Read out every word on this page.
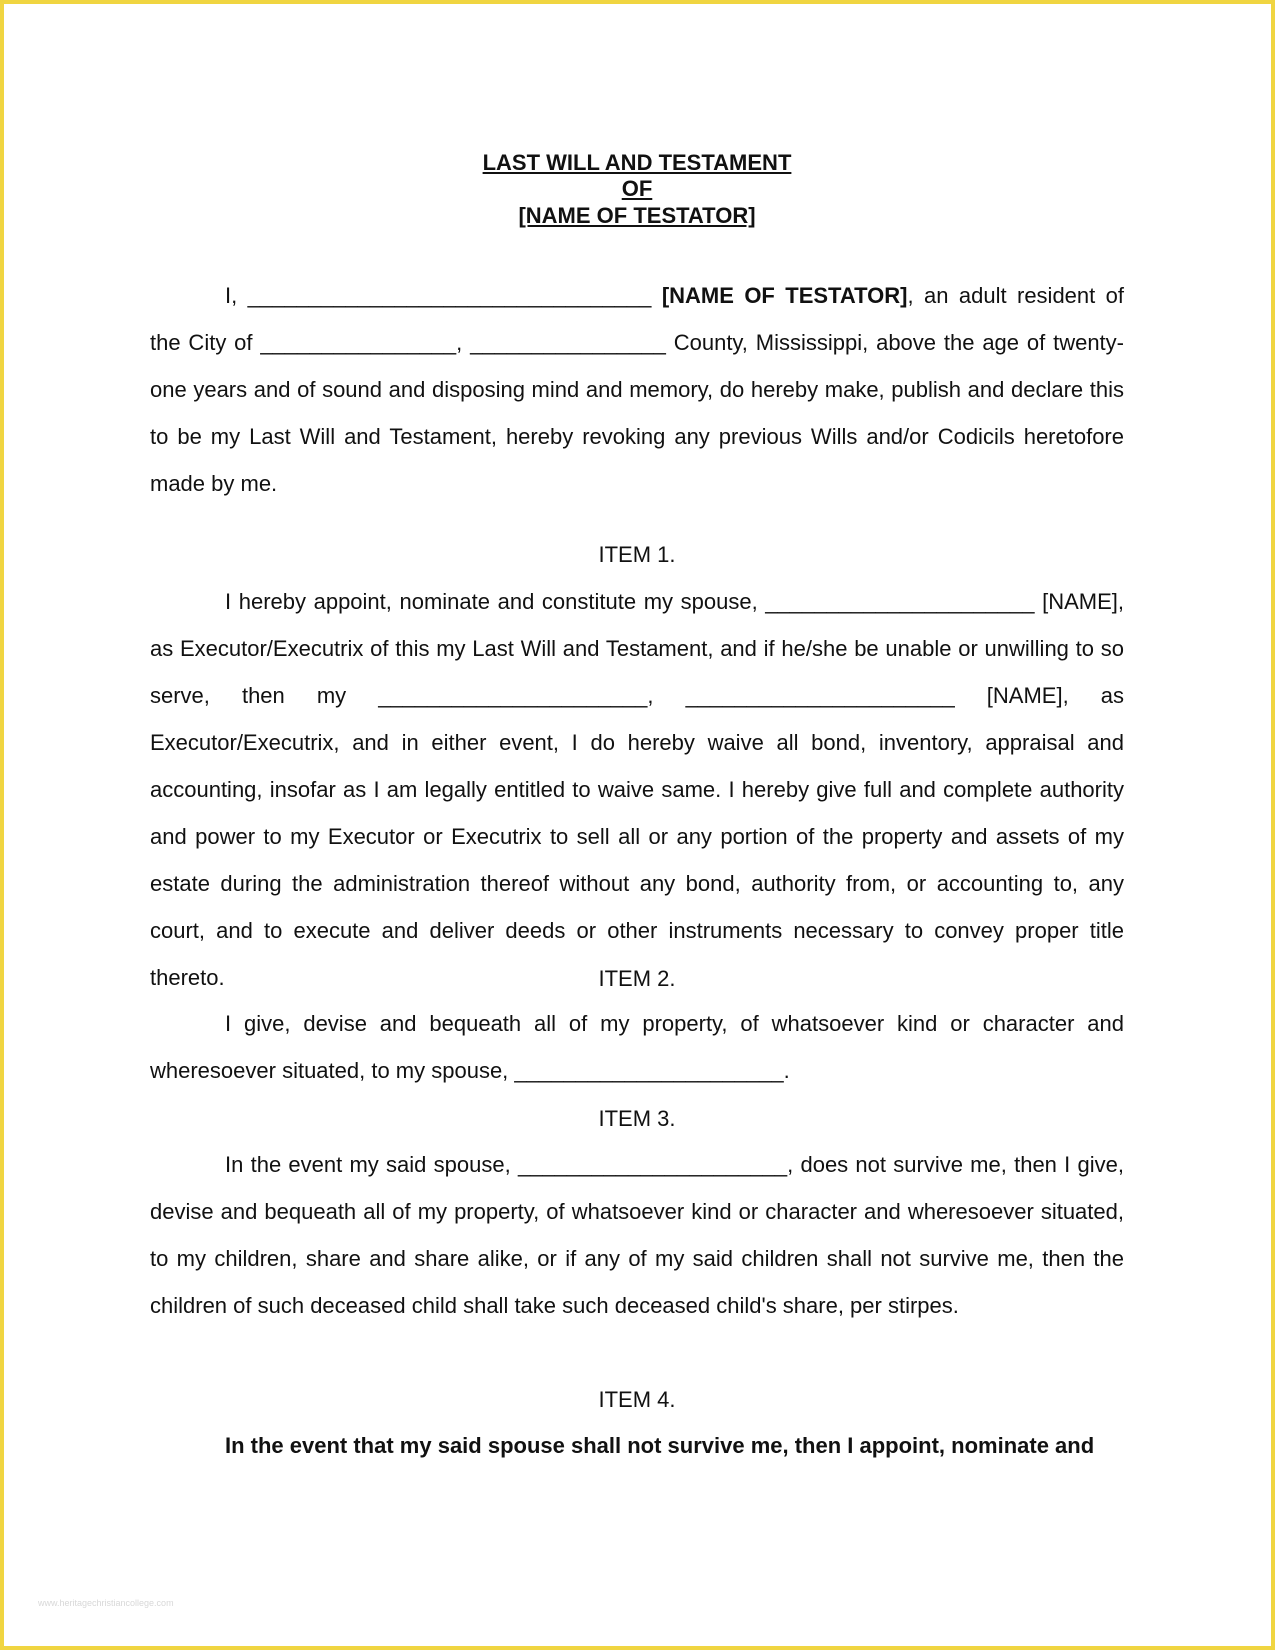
LAST WILL AND TESTAMENT
OF
[NAME OF TESTATOR]

I, _________________________________ [NAME OF TESTATOR], an adult resident of the City of ________________, ________________ County, Mississippi, above the age of twenty-one years and of sound and disposing mind and memory, do hereby make, publish and declare this to be my Last Will and Testament, hereby revoking any previous Wills and/or Codicils heretofore made by me.

ITEM 1.

I hereby appoint, nominate and constitute my spouse, ______________________ [NAME], as Executor/Executrix of this my Last Will and Testament, and if he/she be unable or unwilling to so serve, then my ______________________, ______________________ [NAME], as Executor/Executrix, and in either event, I do hereby waive all bond, inventory, appraisal and accounting, insofar as I am legally entitled to waive same. I hereby give full and complete authority and power to my Executor or Executrix to sell all or any portion of the property and assets of my estate during the administration thereof without any bond, authority from, or accounting to, any court, and to execute and deliver deeds or other instruments necessary to convey proper title thereto.	ITEM 2.

I give, devise and bequeath all of my property, of whatsoever kind or character and wheresoever situated, to my spouse, ______________________.

ITEM 3.

In the event my said spouse, ______________________, does not survive me, then I give, devise and bequeath all of my property, of whatsoever kind or character and wheresoever situated, to my children, share and share alike, or if any of my said children shall not survive me, then the children of such deceased child shall take such deceased child's share, per stirpes.

ITEM 4.

In the event that my said spouse shall not survive me, then I appoint, nominate and

www.heritagechristiancollege.com
